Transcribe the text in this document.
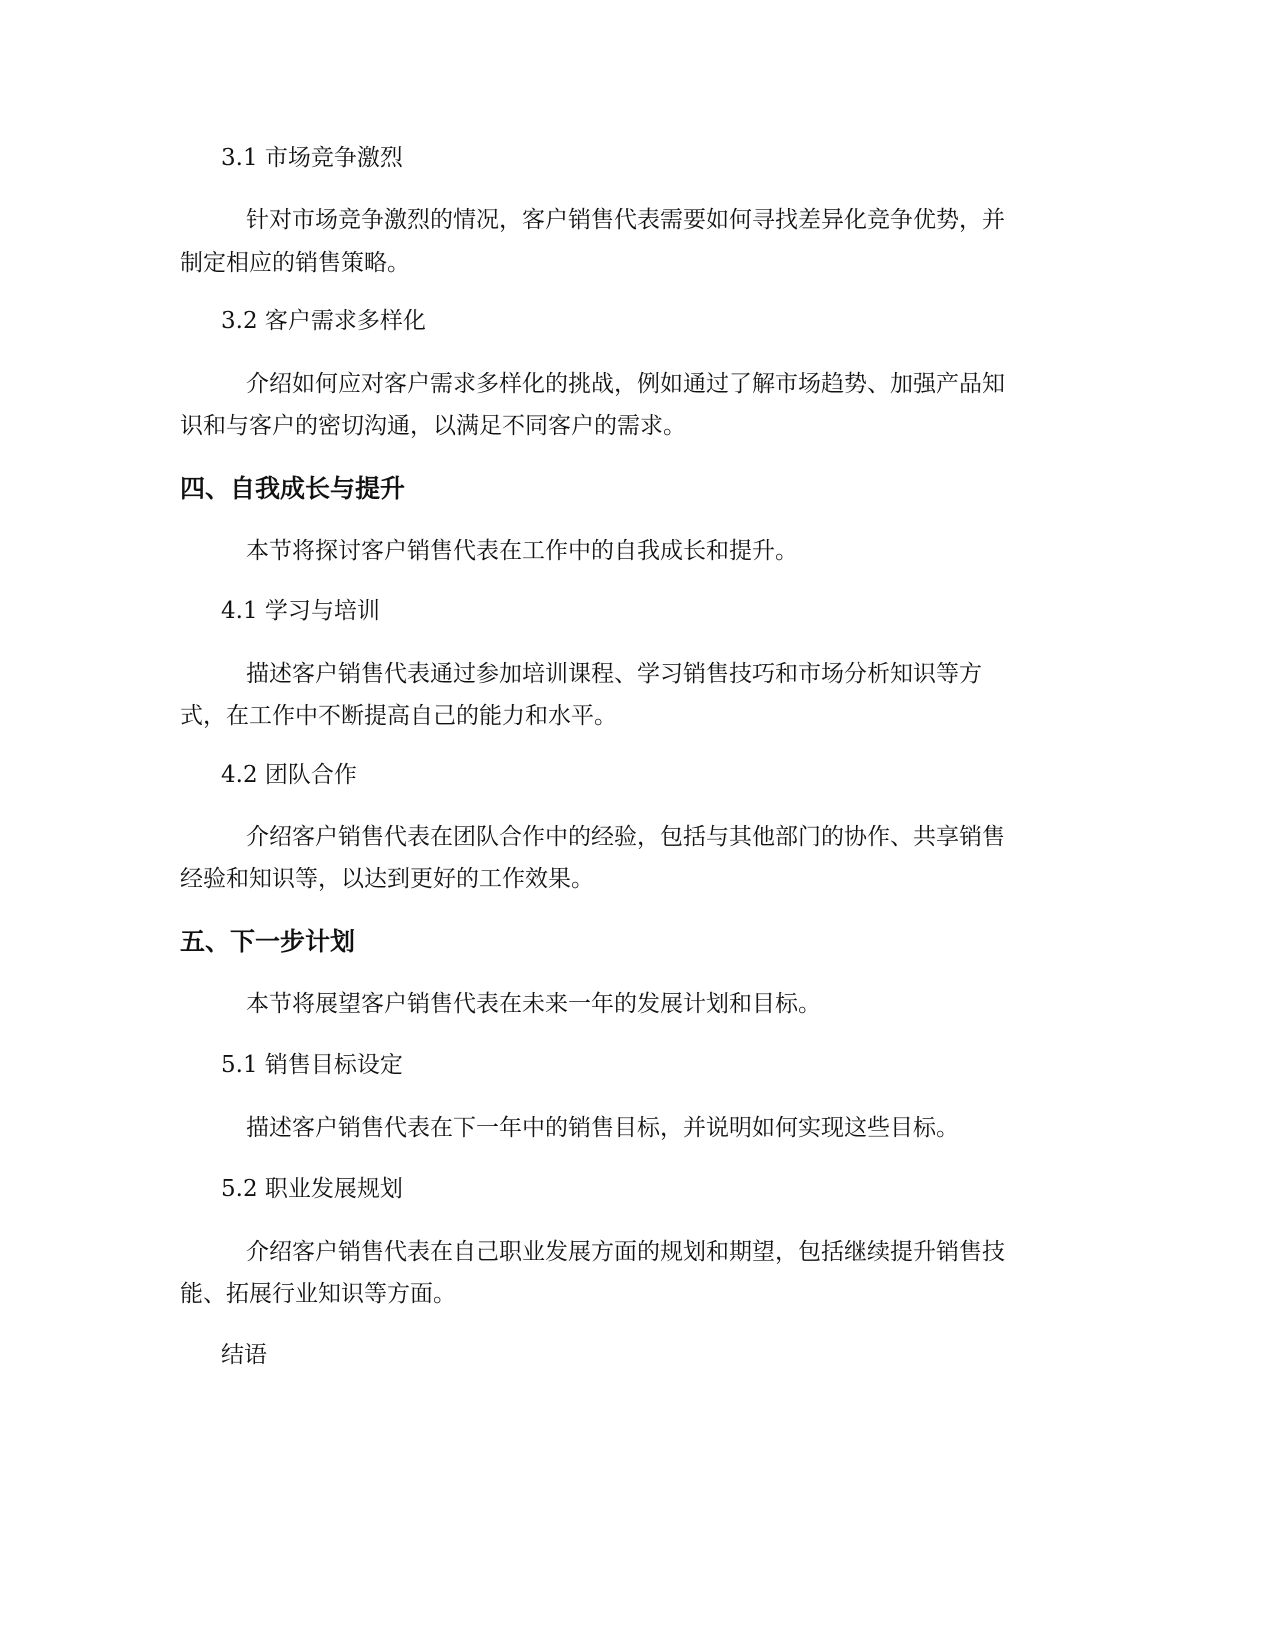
3.1 市场竞争激烈
针对市场竞争激烈的情况，客户销售代表需要如何寻找差异化竞争优势，并
制定相应的销售策略。
3.2 客户需求多样化
介绍如何应对客户需求多样化的挑战，例如通过了解市场趋势、加强产品知
识和与客户的密切沟通，以满足不同客户的需求。
四、自我成长与提升
本节将探讨客户销售代表在工作中的自我成长和提升。
4.1 学习与培训
描述客户销售代表通过参加培训课程、学习销售技巧和市场分析知识等方
式，在工作中不断提高自己的能力和水平。
4.2 团队合作
介绍客户销售代表在团队合作中的经验，包括与其他部门的协作、共享销售
经验和知识等，以达到更好的工作效果。
五、下一步计划
本节将展望客户销售代表在未来一年的发展计划和目标。
5.1 销售目标设定
描述客户销售代表在下一年中的销售目标，并说明如何实现这些目标。
5.2 职业发展规划
介绍客户销售代表在自己职业发展方面的规划和期望，包括继续提升销售技
能、拓展行业知识等方面。
结语
